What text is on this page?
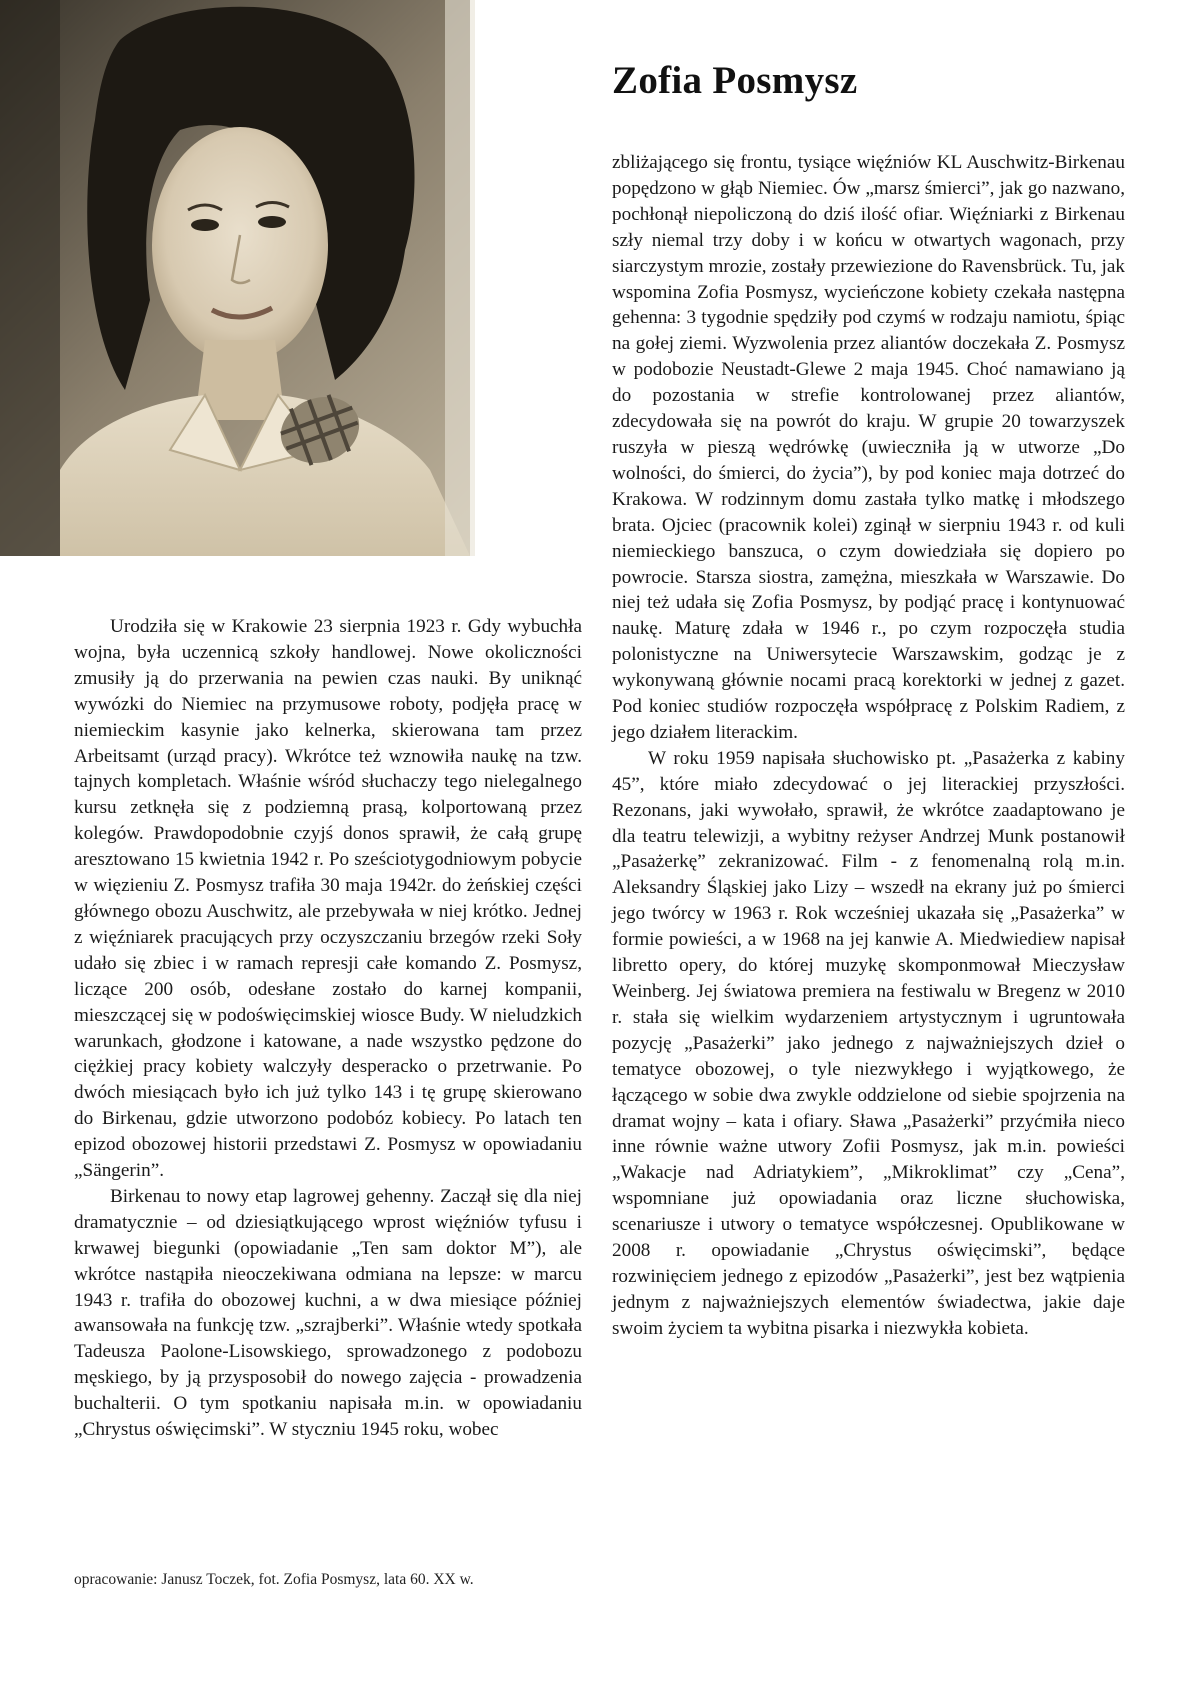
Zofia Posmysz

Urodziła się w Krakowie 23 sierpnia 1923 r. Gdy wybuchła wojna, była uczennicą szkoły handlowej. Nowe okoliczności zmusiły ją do przerwania na pewien czas nauki. By uniknąć wywózki do Niemiec na przymusowe roboty, podjęła pracę w niemieckim kasynie jako kelnerka, skierowana tam przez Arbeitsamt (urząd pracy). Wkrótce też wznowiła naukę na tzw. tajnych kompletach. Właśnie wśród słuchaczy tego nielegalnego kursu zetknęła się z podziemną prasą, kolportowaną przez kolegów. Prawdopodobnie czyjś donos sprawił, że całą grupę aresztowano 15 kwietnia 1942 r. Po sześciotygodniowym pobycie w więzieniu Z. Posmysz trafiła 30 maja 1942r. do żeńskiej części głównego obozu Auschwitz, ale przebywała w niej krótko. Jednej z więźniarek pracujących przy oczyszczaniu brzegów rzeki Soły udało się zbiec i w ramach represji całe komando Z. Posmysz, liczące 200 osób, odesłane zostało do karnej kompanii, mieszczącej się w podoświęcimskiej wiosce Budy. W nieludzkich warunkach, głodzone i katowane, a nade wszystko pędzone do ciężkiej pracy kobiety walczyły desperacko o przetrwanie. Po dwóch miesiącach było ich już tylko 143 i tę grupę skierowano do Birkenau, gdzie utworzono podobóz kobiecy. Po latach ten epizod obozowej historii przedstawi Z. Posmysz w opowiadaniu „Sängerin”.

Birkenau to nowy etap lagrowej gehenny. Zaczął się dla niej dramatycznie – od dziesiątkującego wprost więźniów tyfusu i krwawej biegunki (opowiadanie „Ten sam doktor M”), ale wkrótce nastąpiła nieoczekiwana odmiana na lepsze: w marcu 1943 r. trafiła do obozowej kuchni, a w dwa miesiące później awansowała na funkcję tzw. „szrajberki”. Właśnie wtedy spotkała Tadeusza Paolone-Lisowskiego, sprowadzonego z podobozu męskiego, by ją przysposobił do nowego zajęcia - prowadzenia buchalterii. O tym spotkaniu napisała m.in. w opowiadaniu „Chrystus oświęcimski”. W styczniu 1945 roku, wobec

zbliżającego się frontu, tysiące więźniów KL Auschwitz-Birkenau popędzono w głąb Niemiec. Ów „marsz śmierci”, jak go nazwano, pochłonął niepoliczoną do dziś ilość ofiar. Więźniarki z Birkenau szły niemal trzy doby i w końcu w otwartych wagonach, przy siarczystym mrozie, zostały przewiezione do Ravensbrück. Tu, jak wspomina Zofia Posmysz, wycieńczone kobiety czekała następna gehenna: 3 tygodnie spędziły pod czymś w rodzaju namiotu, śpiąc na gołej ziemi. Wyzwolenia przez aliantów doczekała Z. Posmysz w podobozie Neustadt-Glewe 2 maja 1945. Choć namawiano ją do pozostania w strefie kontrolowanej przez aliantów, zdecydowała się na powrót do kraju. W grupie 20 towarzyszek ruszyła w pieszą wędrówkę (uwieczniła ją w utworze „Do wolności, do śmierci, do życia”), by pod koniec maja dotrzeć do Krakowa. W rodzinnym domu zastała tylko matkę i młodszego brata. Ojciec (pracownik kolei) zginął w sierpniu 1943 r. od kuli niemieckiego banszuca, o czym dowiedziała się dopiero po powrocie. Starsza siostra, zamężna, mieszkała w Warszawie. Do niej też udała się Zofia Posmysz, by podjąć pracę i kontynuować naukę. Maturę zdała w 1946 r., po czym rozpoczęła studia polonistyczne na Uniwersytecie Warszawskim, godząc je z wykonywaną głównie nocami pracą korektorki w jednej z gazet. Pod koniec studiów rozpoczęła współpracę z Polskim Radiem, z jego działem literackim.

W roku 1959 napisała słuchowisko pt. „Pasażerka z kabiny 45”, które miało zdecydować o jej literackiej przyszłości. Rezonans, jaki wywołało, sprawił, że wkrótce zaadaptowano je dla teatru telewizji, a wybitny reżyser Andrzej Munk postanowił „Pasażerkę” zekranizować. Film - z fenomenalną rolą m.in. Aleksandry Śląskiej jako Lizy – wszedł na ekrany już po śmierci jego twórcy w 1963 r. Rok wcześniej ukazała się „Pasażerka” w formie powieści, a w 1968 na jej kanwie A. Miedwiediew napisał libretto opery, do której muzykę skomponmował Mieczysław Weinberg. Jej światowa premiera na festiwalu w Bregenz w 2010 r. stała się wielkim wydarzeniem artystycznym i ugruntowała pozycję „Pasażerki” jako jednego z najważniejszych dzieł o tematyce obozowej, o tyle niezwykłego i wyjątkowego, że łączącego w sobie dwa zwykle oddzielone od siebie spojrzenia na dramat wojny – kata i ofiary. Sława „Pasażerki” przyćmiła nieco inne równie ważne utwory Zofii Posmysz, jak m.in. powieści „Wakacje nad Adriatykiem”, „Mikroklimat” czy „Cena”, wspomniane już opowiadania oraz liczne słuchowiska, scenariusze i utwory o tematyce współczesnej. Opublikowane w 2008 r. opowiadanie „Chrystus oświęcimski”, będące rozwinięciem jednego z epizodów „Pasażerki”, jest bez wątpienia jednym z najważniejszych elementów świadectwa, jakie daje swoim życiem ta wybitna pisarka i niezwykła kobieta.

opracowanie: Janusz Toczek, fot. Zofia Posmysz, lata 60. XX w.
